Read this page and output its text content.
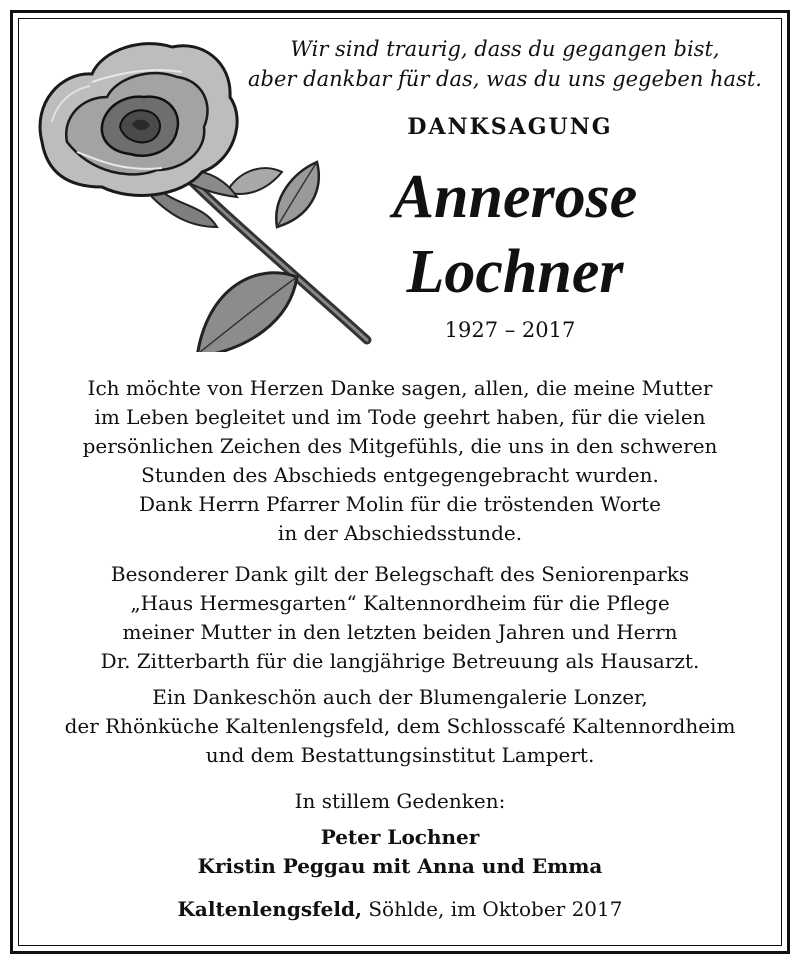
Wir sind traurig, dass du gegangen bist,
aber dankbar für das, was du uns gegeben hast.
DANKSAGUNG
Annerose
Lochner
1927 – 2017
Ich möchte von Herzen Danke sagen, allen, die meine Mutter
im Leben begleitet und im Tode geehrt haben, für die vielen
persönlichen Zeichen des Mitgefühls, die uns in den schweren
Stunden des Abschieds entgegengebracht wurden.
Dank Herrn Pfarrer Molin für die tröstenden Worte
in der Abschiedsstunde.
Besonderer Dank gilt der Belegschaft des Seniorenparks
„Haus Hermesgarten“ Kaltennordheim für die Pflege
meiner Mutter in den letzten beiden Jahren und Herrn
Dr. Zitterbarth für die langjährige Betreuung als Hausarzt.
Ein Dankeschön auch der Blumengalerie Lonzer,
der Rhönküche Kaltenlengsfeld, dem Schlosscafé Kaltennordheim
und dem Bestattungsinstitut Lampert.
In stillem Gedenken:
Peter Lochner
Kristin Peggau mit Anna und Emma
Kaltenlengsfeld, Söhlde, im Oktober 2017
